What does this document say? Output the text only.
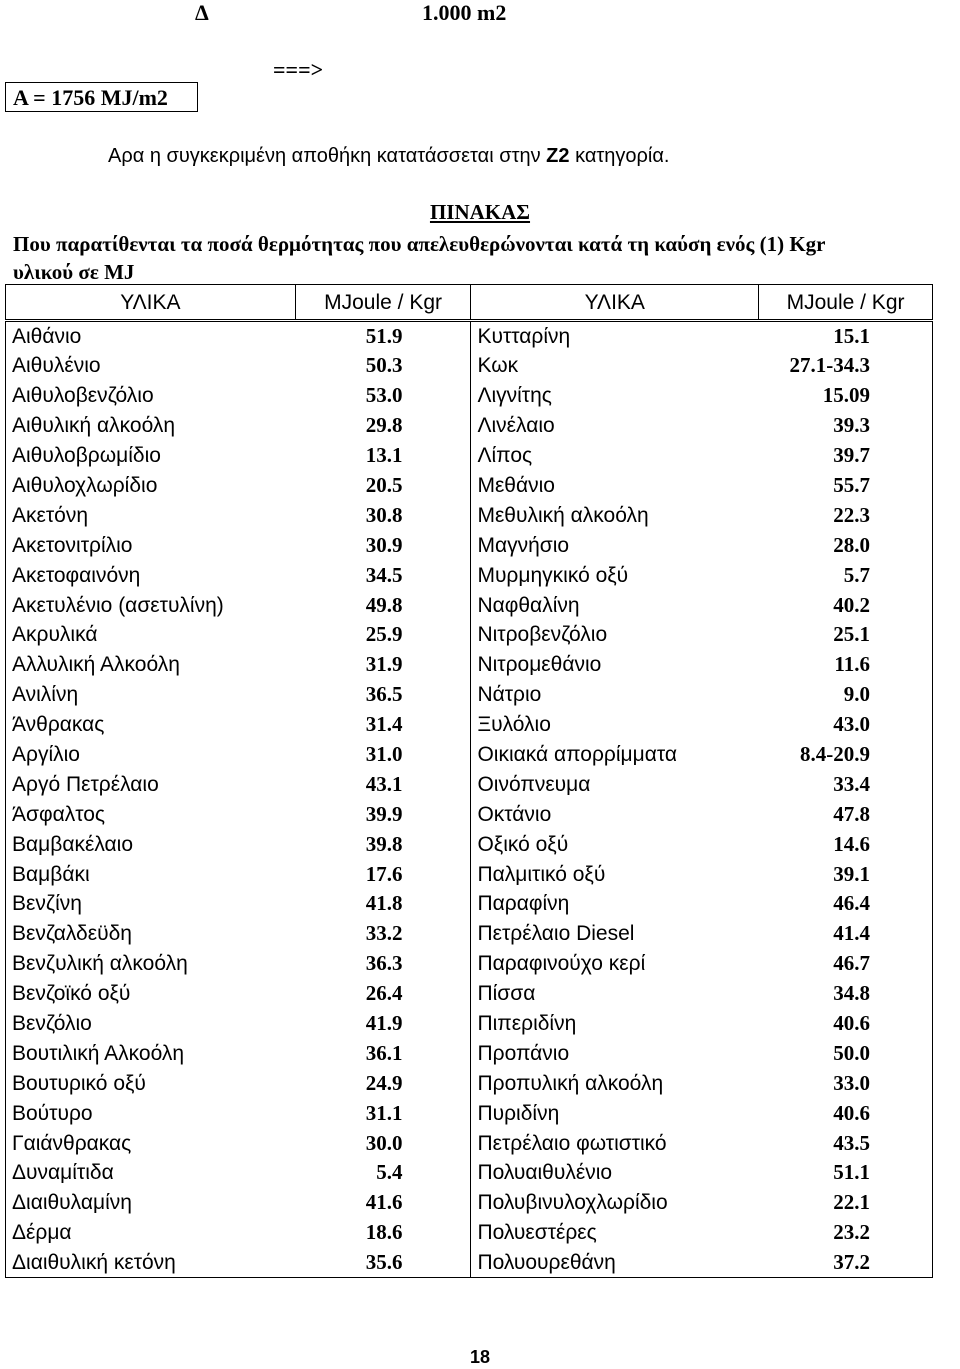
Δ	1.000 m2
===>
A = 1756 MJ/m2
Αρα η συγκεκριμένη αποθήκη κατατάσσεται στην Ζ2 κατηγορία.
ΠΙΝΑΚΑΣ
Που παρατίθενται τα ποσά θερμότητας που απελευθερώνονται κατά τη καύση ενός (1) Kgr
υλικού σε MJ
ΥΛΙΚΑ	MJoule / Kgr	ΥΛΙΚΑ	MJoule / Kgr
Αιθάνιο	51.9	Κυτταρίνη	15.1
Αιθυλένιο	50.3	Κωκ	27.1-34.3
Αιθυλοβενζόλιο	53.0	Λιγνίτης	15.09
Αιθυλική αλκοόλη	29.8	Λινέλαιο	39.3
Αιθυλοβρωμίδιο	13.1	Λίπος	39.7
Αιθυλοχλωρίδιο	20.5	Μεθάνιο	55.7
Ακετόνη	30.8	Μεθυλική αλκοόλη	22.3
Ακετονιτρίλιο	30.9	Μαγνήσιο	28.0
Ακετοφαινόνη	34.5	Μυρμηγκικό οξύ	5.7
Ακετυλένιο (ασετυλίνη)	49.8	Ναφθαλίνη	40.2
Ακρυλικά	25.9	Νιτροβενζόλιο	25.1
Αλλυλική Αλκοόλη	31.9	Νιτρομεθάνιο	11.6
Ανιλίνη	36.5	Νάτριο	9.0
Άνθρακας	31.4	Ξυλόλιο	43.0
Αργίλιο	31.0	Οικιακά απορρίμματα	8.4-20.9
Αργό Πετρέλαιο	43.1	Οινόπνευμα	33.4
Άσφαλτος	39.9	Οκτάνιο	47.8
Βαμβακέλαιο	39.8	Οξικό οξύ	14.6
Βαμβάκι	17.6	Παλμιτικό οξύ	39.1
Βενζίνη	41.8	Παραφίνη	46.4
Βενζαλδεϋδη	33.2	Πετρέλαιο Diesel	41.4
Βενζυλική αλκοόλη	36.3	Παραφινούχο κερί	46.7
Βενζοϊκό οξύ	26.4	Πίσσα	34.8
Βενζόλιο	41.9	Πιπεριδίνη	40.6
Βουτιλική Αλκοόλη	36.1	Προπάνιο	50.0
Βουτυρικό οξύ	24.9	Προπυλική αλκοόλη	33.0
Βούτυρο	31.1	Πυριδίνη	40.6
Γαιάνθρακας	30.0	Πετρέλαιο φωτιστικό	43.5
Δυναμίτιδα	5.4	Πολυαιθυλένιο	51.1
Διαιθυλαμίνη	41.6	Πολυβινυλοχλωρίδιο	22.1
Δέρμα	18.6	Πολυεστέρες	23.2
Διαιθυλική κετόνη	35.6	Πολυουρεθάνη	37.2
18
